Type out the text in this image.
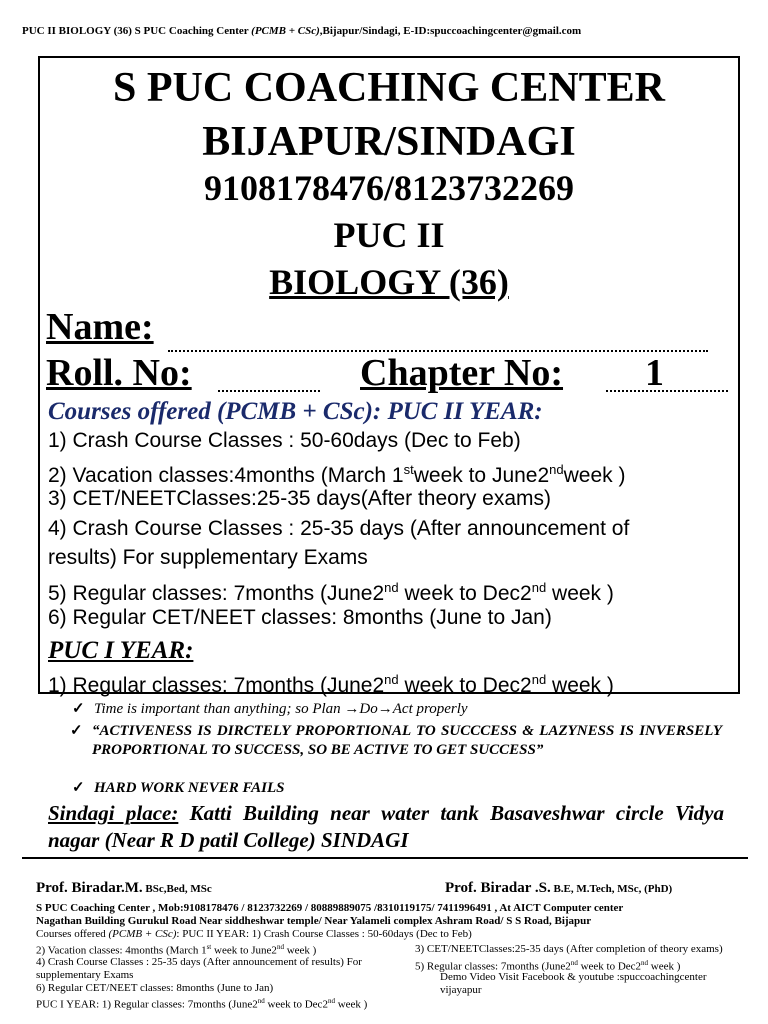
PUC II BIOLOGY (36) S PUC Coaching Center (PCMB + CSc),Bijapur/Sindagi, E-ID:spuccoachingcenter@gmail.com
S PUC COACHING CENTER
BIJAPUR/SINDAGI
9108178476/8123732269
PUC II
BIOLOGY (36)
Name:
Roll. No:	Chapter No: 1
Courses offered (PCMB + CSc): PUC II YEAR:
1) Crash Course Classes : 50-60days (Dec to Feb)
2) Vacation classes:4months (March 1stweek to June2ndweek )
3) CET/NEETClasses:25-35 days(After theory exams)
4) Crash Course Classes : 25-35 days (After announcement of
results) For supplementary Exams
5) Regular classes: 7months (June2nd week to Dec2nd week )
6) Regular CET/NEET classes: 8months (June to Jan)
PUC I YEAR:
1) Regular classes: 7months (June2nd week to Dec2nd week )
✓ Time is important than anything; so Plan →Do→Act properly
✓ “ACTIVENESS IS DIRCTELY PROPORTIONAL TO SUCCCESS & LAZYNESS IS INVERSELY PROPORTIONAL TO SUCCESS, SO BE ACTIVE TO GET SUCCESS”
✓ HARD WORK NEVER FAILS
Sindagi place: Katti Building near water tank Basaveshwar circle Vidya nagar (Near R D patil College) SINDAGI
Prof. Biradar.M. BSc,Bed, MSc	Prof. Biradar .S. B.E, M.Tech, MSc, (PhD)
S PUC Coaching Center , Mob:9108178476 / 8123732269 / 80889889075 /8310119175/ 7411996491 , At AICT Computer center
Nagathan Building Gurukul Road Near siddheshwar temple/ Near Yalameli complex Ashram Road/ S S Road, Bijapur
Courses offered (PCMB + CSc): PUC II YEAR: 1) Crash Course Classes : 50-60days (Dec to Feb)
2) Vacation classes: 4months (March 1st week to June2nd week )
4) Crash Course Classes : 25-35 days (After announcement of results) For
supplementary Exams
6) Regular CET/NEET classes: 8months (June to Jan)
PUC I YEAR: 1) Regular classes: 7months (June2nd week to Dec2nd week )
3) CET/NEETClasses:25-35 days (After completion of theory exams)
5) Regular classes: 7months (June2nd week to Dec2nd week )
Demo Video Visit Facebook & youtube :spuccoachingcenter
vijayapur
